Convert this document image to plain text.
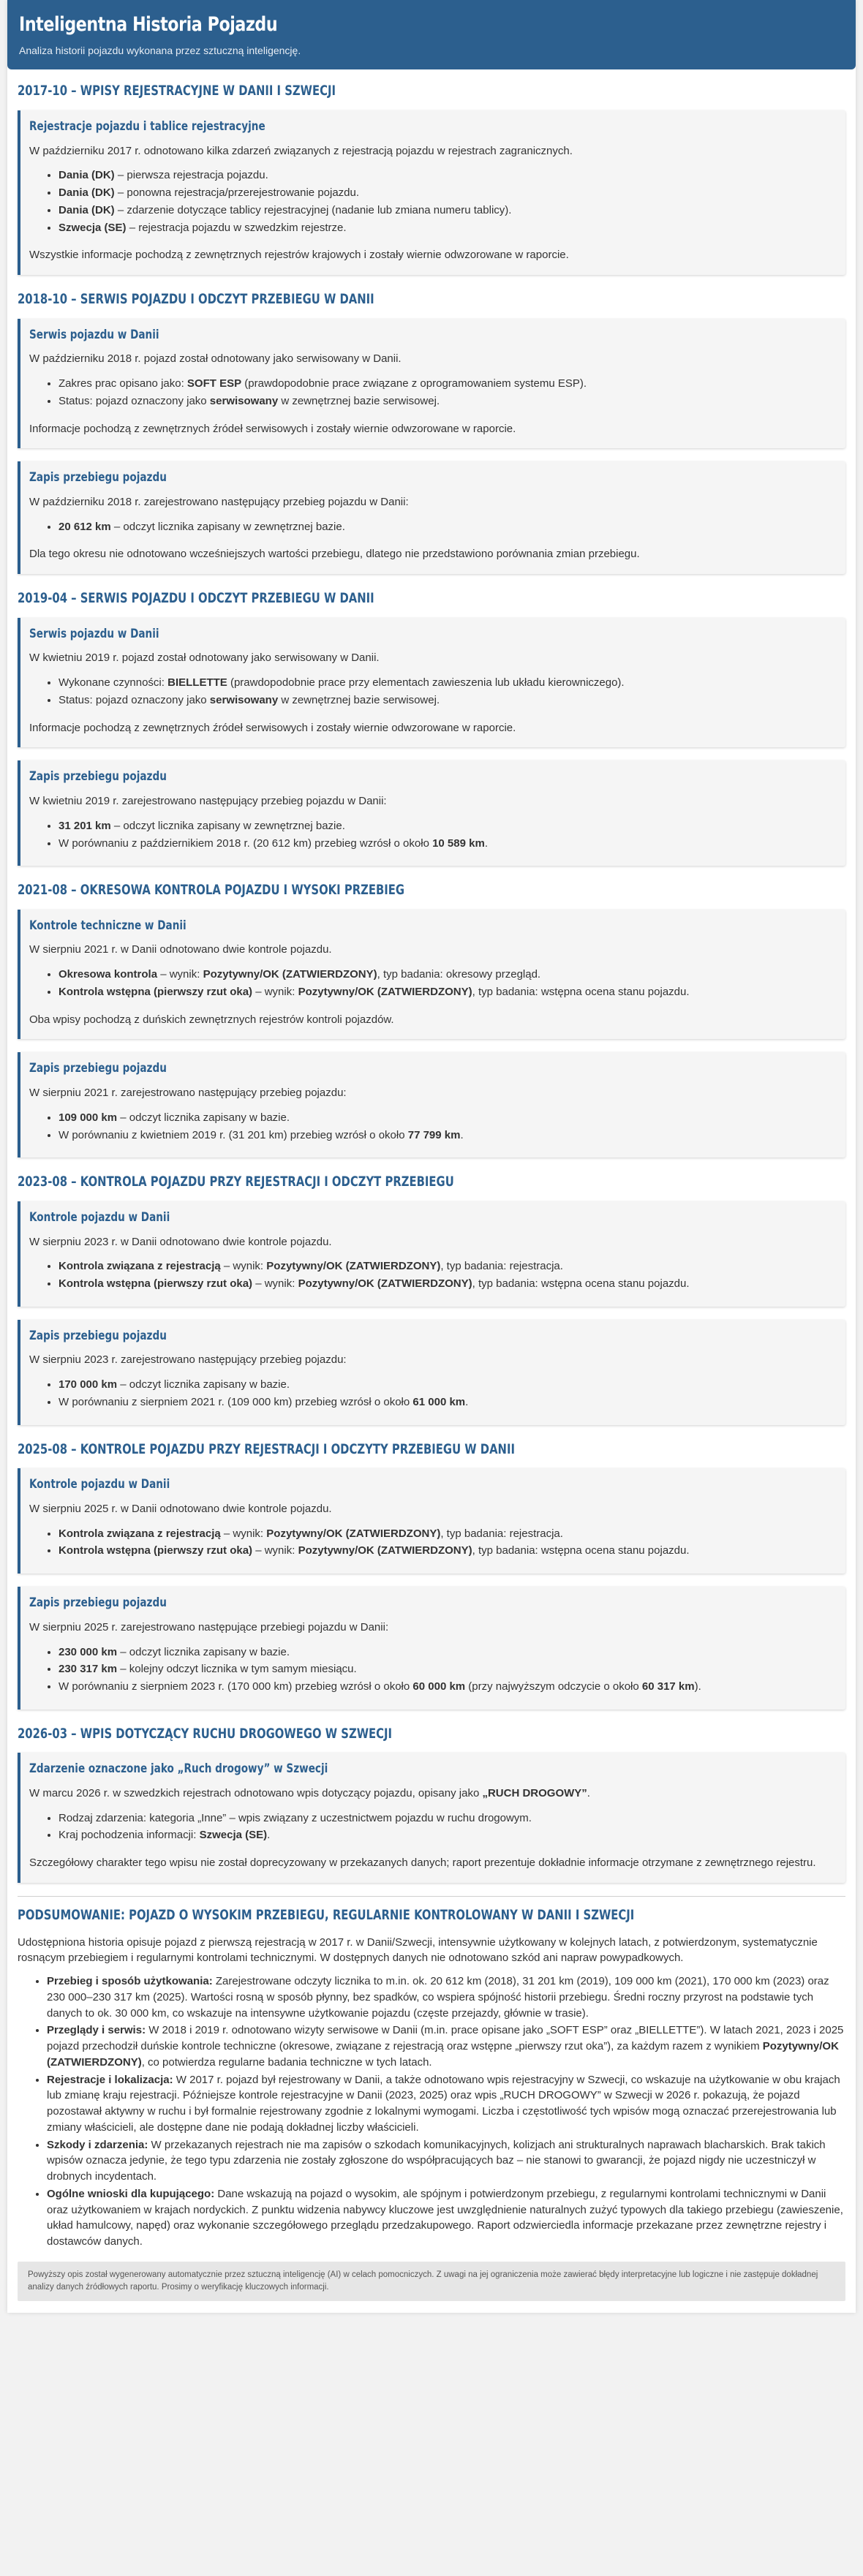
Inteligentna Historia Pojazdu

Analiza historii pojazdu wykonana przez sztuczną inteligencję.

2017-10 – WPISY REJESTRACYJNE W DANII I SZWECJI
Rejestracje pojazdu i tablice rejestracyjne

W październiku 2017 r. odnotowano kilka zdarzeń związanych z rejestracją pojazdu w rejestrach zagranicznych.

• Dania (DK) – pierwsza rejestracja pojazdu.
• Dania (DK) – ponowna rejestracja/przerejestrowanie pojazdu.
• Dania (DK) – zdarzenie dotyczące tablicy rejestracyjnej (nadanie lub zmiana numeru tablicy).
• Szwecja (SE) – rejestracja pojazdu w szwedzkim rejestrze.

Wszystkie informacje pochodzą z zewnętrznych rejestrów krajowych i zostały wiernie odwzorowane w raporcie.

2018-10 – SERWIS POJAZDU I ODCZYT PRZEBIEGU W DANII
Serwis pojazdu w Danii

W październiku 2018 r. pojazd został odnotowany jako serwisowany w Danii.

• Zakres prac opisano jako: SOFT ESP (prawdopodobnie prace związane z oprogramowaniem systemu ESP).
• Status: pojazd oznaczony jako serwisowany w zewnętrznej bazie serwisowej.

Informacje pochodzą z zewnętrznych źródeł serwisowych i zostały wiernie odwzorowane w raporcie.

Zapis przebiegu pojazdu

W październiku 2018 r. zarejestrowano następujący przebieg pojazdu w Danii:

• 20 612 km – odczyt licznika zapisany w zewnętrznej bazie.

Dla tego okresu nie odnotowano wcześniejszych wartości przebiegu, dlatego nie przedstawiono porównania zmian przebiegu.

2019-04 – SERWIS POJAZDU I ODCZYT PRZEBIEGU W DANII
Serwis pojazdu w Danii

W kwietniu 2019 r. pojazd został odnotowany jako serwisowany w Danii.

• Wykonane czynności: BIELLETTE (prawdopodobnie prace przy elementach zawieszenia lub układu kierowniczego).
• Status: pojazd oznaczony jako serwisowany w zewnętrznej bazie serwisowej.

Informacje pochodzą z zewnętrznych źródeł serwisowych i zostały wiernie odwzorowane w raporcie.

Zapis przebiegu pojazdu

W kwietniu 2019 r. zarejestrowano następujący przebieg pojazdu w Danii:

• 31 201 km – odczyt licznika zapisany w zewnętrznej bazie.
• W porównaniu z październikiem 2018 r. (20 612 km) przebieg wzrósł o około 10 589 km.
2021-08 – OKRESOWA KONTROLA POJAZDU I WYSOKI PRZEBIEG
Kontrole techniczne w Danii

W sierpniu 2021 r. w Danii odnotowano dwie kontrole pojazdu.

• Okresowa kontrola – wynik: Pozytywny/OK (ZATWIERDZONY), typ badania: okresowy przegląd.
• Kontrola wstępna (pierwszy rzut oka) – wynik: Pozytywny/OK (ZATWIERDZONY), typ badania: wstępna ocena stanu pojazdu.

Oba wpisy pochodzą z duńskich zewnętrznych rejestrów kontroli pojazdów.

Zapis przebiegu pojazdu

W sierpniu 2021 r. zarejestrowano następujący przebieg pojazdu:

• 109 000 km – odczyt licznika zapisany w bazie.
• W porównaniu z kwietniem 2019 r. (31 201 km) przebieg wzrósł o około 77 799 km.
2023-08 – KONTROLA POJAZDU PRZY REJESTRACJI I ODCZYT PRZEBIEGU
Kontrole pojazdu w Danii

W sierpniu 2023 r. w Danii odnotowano dwie kontrole pojazdu.

• Kontrola związana z rejestracją – wynik: Pozytywny/OK (ZATWIERDZONY), typ badania: rejestracja.
• Kontrola wstępna (pierwszy rzut oka) – wynik: Pozytywny/OK (ZATWIERDZONY), typ badania: wstępna ocena stanu pojazdu.
Zapis przebiegu pojazdu

W sierpniu 2023 r. zarejestrowano następujący przebieg pojazdu:

• 170 000 km – odczyt licznika zapisany w bazie.
• W porównaniu z sierpniem 2021 r. (109 000 km) przebieg wzrósł o około 61 000 km.
2025-08 – KONTROLE POJAZDU PRZY REJESTRACJI I ODCZYTY PRZEBIEGU W DANII
Kontrole pojazdu w Danii

W sierpniu 2025 r. w Danii odnotowano dwie kontrole pojazdu.

• Kontrola związana z rejestracją – wynik: Pozytywny/OK (ZATWIERDZONY), typ badania: rejestracja.
• Kontrola wstępna (pierwszy rzut oka) – wynik: Pozytywny/OK (ZATWIERDZONY), typ badania: wstępna ocena stanu pojazdu.
Zapis przebiegu pojazdu

W sierpniu 2025 r. zarejestrowano następujące przebiegi pojazdu w Danii:

• 230 000 km – odczyt licznika zapisany w bazie.
• 230 317 km – kolejny odczyt licznika w tym samym miesiącu.
• W porównaniu z sierpniem 2023 r. (170 000 km) przebieg wzrósł o około 60 000 km (przy najwyższym odczycie o około 60 317 km).
2026-03 – WPIS DOTYCZĄCY RUCHU DROGOWEGO W SZWECJI
Zdarzenie oznaczone jako „Ruch drogowy” w Szwecji

W marcu 2026 r. w szwedzkich rejestrach odnotowano wpis dotyczący pojazdu, opisany jako „RUCH DROGOWY”.

• Rodzaj zdarzenia: kategoria „Inne” – wpis związany z uczestnictwem pojazdu w ruchu drogowym.
• Kraj pochodzenia informacji: Szwecja (SE).

Szczegółowy charakter tego wpisu nie został doprecyzowany w przekazanych danych; raport prezentuje dokładnie informacje otrzymane z zewnętrznego rejestru.

PODSUMOWANIE: POJAZD O WYSOKIM PRZEBIEGU, REGULARNIE KONTROLOWANY W DANII I SZWECJI

Udostępniona historia opisuje pojazd z pierwszą rejestracją w 2017 r. w Danii/Szwecji, intensywnie użytkowany w kolejnych latach, z potwierdzonym, systematycznie rosnącym przebiegiem i regularnymi kontrolami technicznymi. W dostępnych danych nie odnotowano szkód ani napraw powypadkowych.

• Przebieg i sposób użytkowania: Zarejestrowane odczyty licznika to m.in. ok. 20 612 km (2018), 31 201 km (2019), 109 000 km (2021), 170 000 km (2023) oraz 230 000–230 317 km (2025). Wartości rosną w sposób płynny, bez spadków, co wspiera spójność historii przebiegu. Średni roczny przyrost na podstawie tych danych to ok. 30 000 km, co wskazuje na intensywne użytkowanie pojazdu (częste przejazdy, głównie w trasie).
• Przeglądy i serwis: W 2018 i 2019 r. odnotowano wizyty serwisowe w Danii (m.in. prace opisane jako „SOFT ESP” oraz „BIELLETTE”). W latach 2021, 2023 i 2025 pojazd przechodził duńskie kontrole techniczne (okresowe, związane z rejestracją oraz wstępne „pierwszy rzut oka”), za każdym razem z wynikiem Pozytywny/OK (ZATWIERDZONY), co potwierdza regularne badania techniczne w tych latach.
• Rejestracje i lokalizacja: W 2017 r. pojazd był rejestrowany w Danii, a także odnotowano wpis rejestracyjny w Szwecji, co wskazuje na użytkowanie w obu krajach lub zmianę kraju rejestracji. Późniejsze kontrole rejestracyjne w Danii (2023, 2025) oraz wpis „RUCH DROGOWY” w Szwecji w 2026 r. pokazują, że pojazd pozostawał aktywny w ruchu i był formalnie rejestrowany zgodnie z lokalnymi wymogami. Liczba i częstotliwość tych wpisów mogą oznaczać przerejestrowania lub zmiany właścicieli, ale dostępne dane nie podają dokładnej liczby właścicieli.
• Szkody i zdarzenia: W przekazanych rejestrach nie ma zapisów o szkodach komunikacyjnych, kolizjach ani strukturalnych naprawach blacharskich. Brak takich wpisów oznacza jedynie, że tego typu zdarzenia nie zostały zgłoszone do współpracujących baz – nie stanowi to gwarancji, że pojazd nigdy nie uczestniczył w drobnych incydentach.
• Ogólne wnioski dla kupującego: Dane wskazują na pojazd o wysokim, ale spójnym i potwierdzonym przebiegu, z regularnymi kontrolami technicznymi w Danii oraz użytkowaniem w krajach nordyckich. Z punktu widzenia nabywcy kluczowe jest uwzględnienie naturalnych zużyć typowych dla takiego przebiegu (zawieszenie, układ hamulcowy, napęd) oraz wykonanie szczegółowego przeglądu przedzakupowego. Raport odzwierciedla informacje przekazane przez zewnętrzne rejestry i dostawców danych.
Powyższy opis został wygenerowany automatycznie przez sztuczną inteligencję (AI) w celach pomocniczych. Z uwagi na jej ograniczenia może zawierać błędy interpretacyjne lub logiczne i nie zastępuje dokładnej analizy danych źródłowych raportu. Prosimy o weryfikację kluczowych informacji.
